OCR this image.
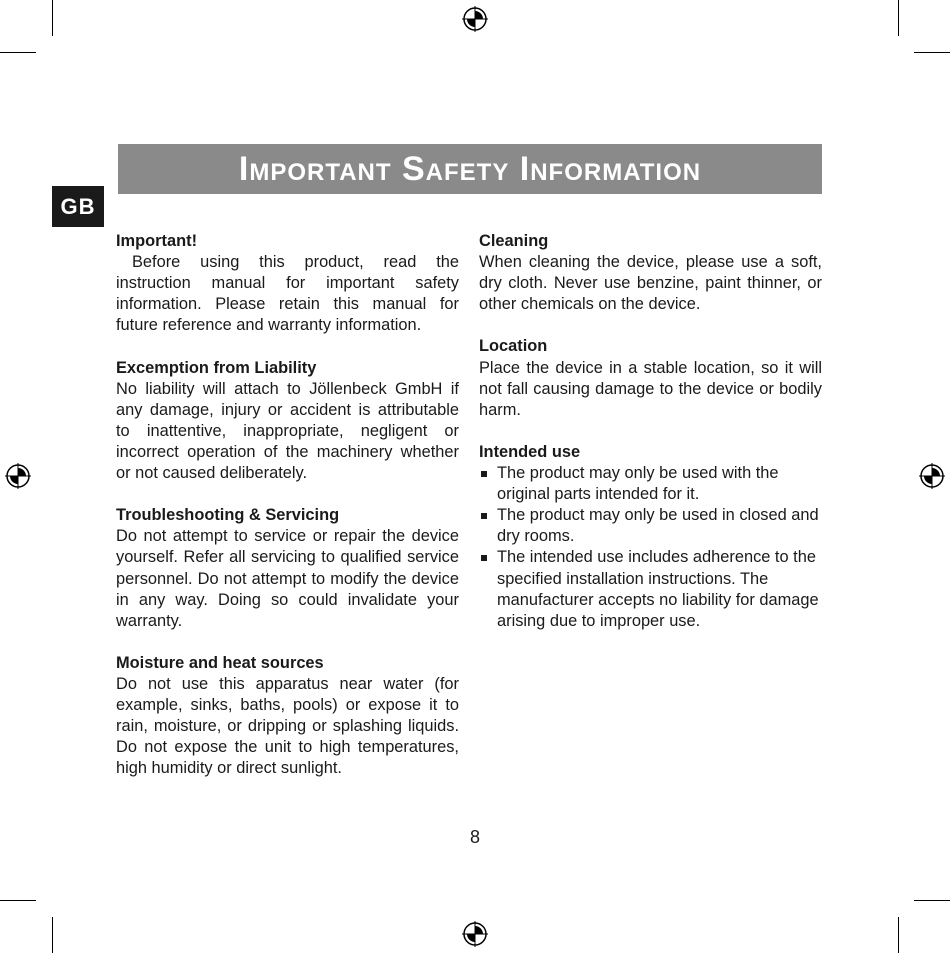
Important Safety Information
GB
Important!
Before using this product, read the instruction manual for important safety information. Please retain this manual for future reference and warranty information.
Excemption from Liability
No liability will attach to Jöllenbeck GmbH if any damage, injury or accident is attributable to inattentive, inappropriate, negligent or incorrect operation of the machinery whether or not caused deliberately.
Troubleshooting & Servicing
Do not attempt to service or repair the device yourself. Refer all servicing to qualified service personnel. Do not attempt to modify the device in any way. Doing so could invalidate your warranty.
Moisture and heat sources
Do not use this apparatus near water (for example, sinks, baths, pools) or expose it to rain, moisture, or dripping or splashing liquids. Do not expose the unit to high temperatures, high humidity or direct sunlight.
Cleaning
When cleaning the device, please use a soft, dry cloth. Never use benzine, paint thinner, or other chemicals on the device.
Location
Place the device in a stable location, so it will not fall causing damage to the device or bodily harm.
Intended use
The product may only be used with the original parts intended for it.
The product may only be used in closed and dry rooms.
The intended use includes adherence to the specified installation instructions. The manufacturer accepts no liability for damage arising due to improper use.
8
